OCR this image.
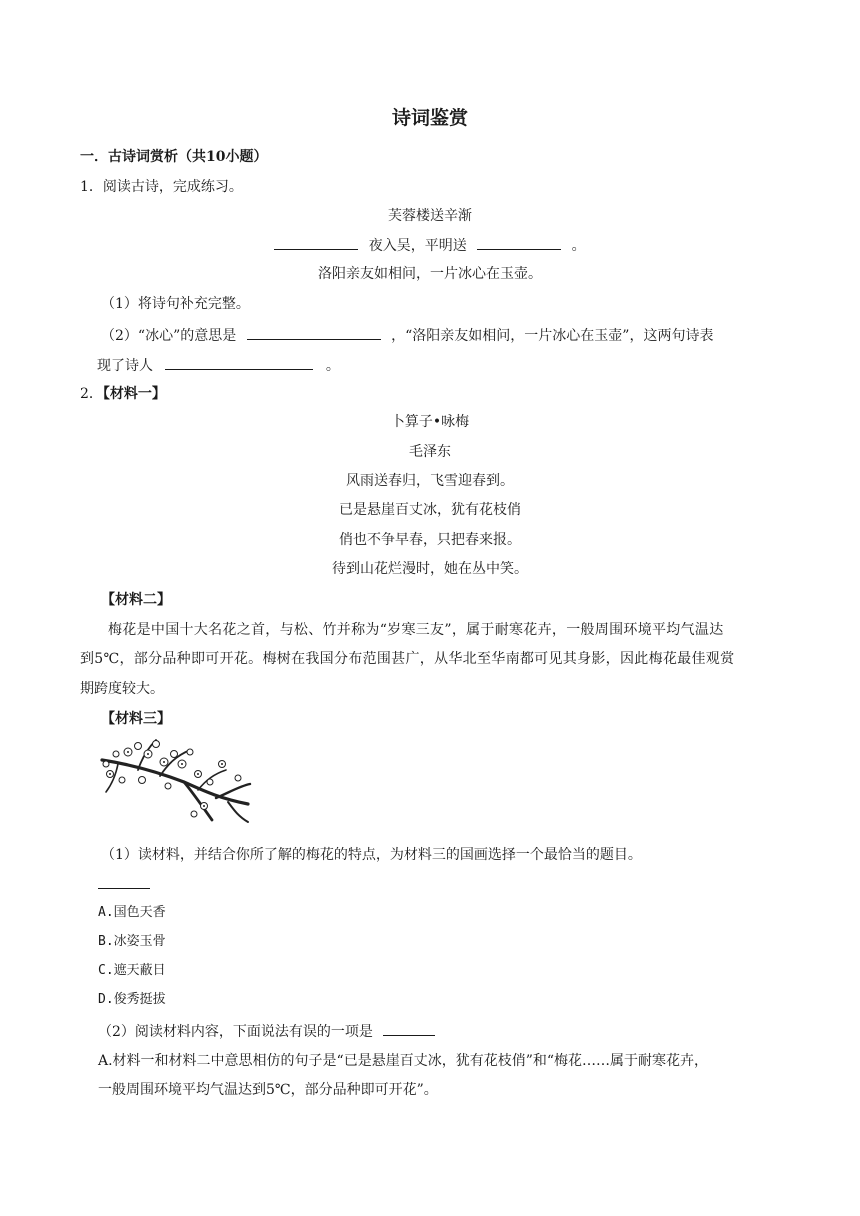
诗词鉴赏
一．古诗词赏析（共10小题）
1．阅读古诗，完成练习。
芙蓉楼送辛渐
夜入吴，平明送	。
洛阳亲友如相问，一片冰心在玉壶。
（1）将诗句补充完整。
（2）“冰心”的意思是	，“洛阳亲友如相问，一片冰心在玉壶”，这两句诗表
现了诗人	。
2．【材料一】
卜算子•咏梅
毛泽东
风雨送春归，飞雪迎春到。
已是悬崖百丈冰，犹有花枝俏
俏也不争早春，只把春来报。
待到山花烂漫时，她在丛中笑。
【材料二】
梅花是中国十大名花之首，与松、竹并称为“岁寒三友”，属于耐寒花卉，一般周围环境平均气温达
到5℃，部分品种即可开花。梅树在我国分布范围甚广，从华北至华南都可见其身影，因此梅花最佳观赏
期跨度较大。
【材料三】
（1）读材料，并结合你所了解的梅花的特点，为材料三的国画选择一个最恰当的题目。
A.国色天香
B.冰姿玉骨
C.遮天蔽日
D.俊秀挺拔
（2）阅读材料内容，下面说法有误的一项是
A.材料一和材料二中意思相仿的句子是“已是悬崖百丈冰，犹有花枝俏”和“梅花……属于耐寒花卉，
一般周围环境平均气温达到5℃，部分品种即可开花”。
